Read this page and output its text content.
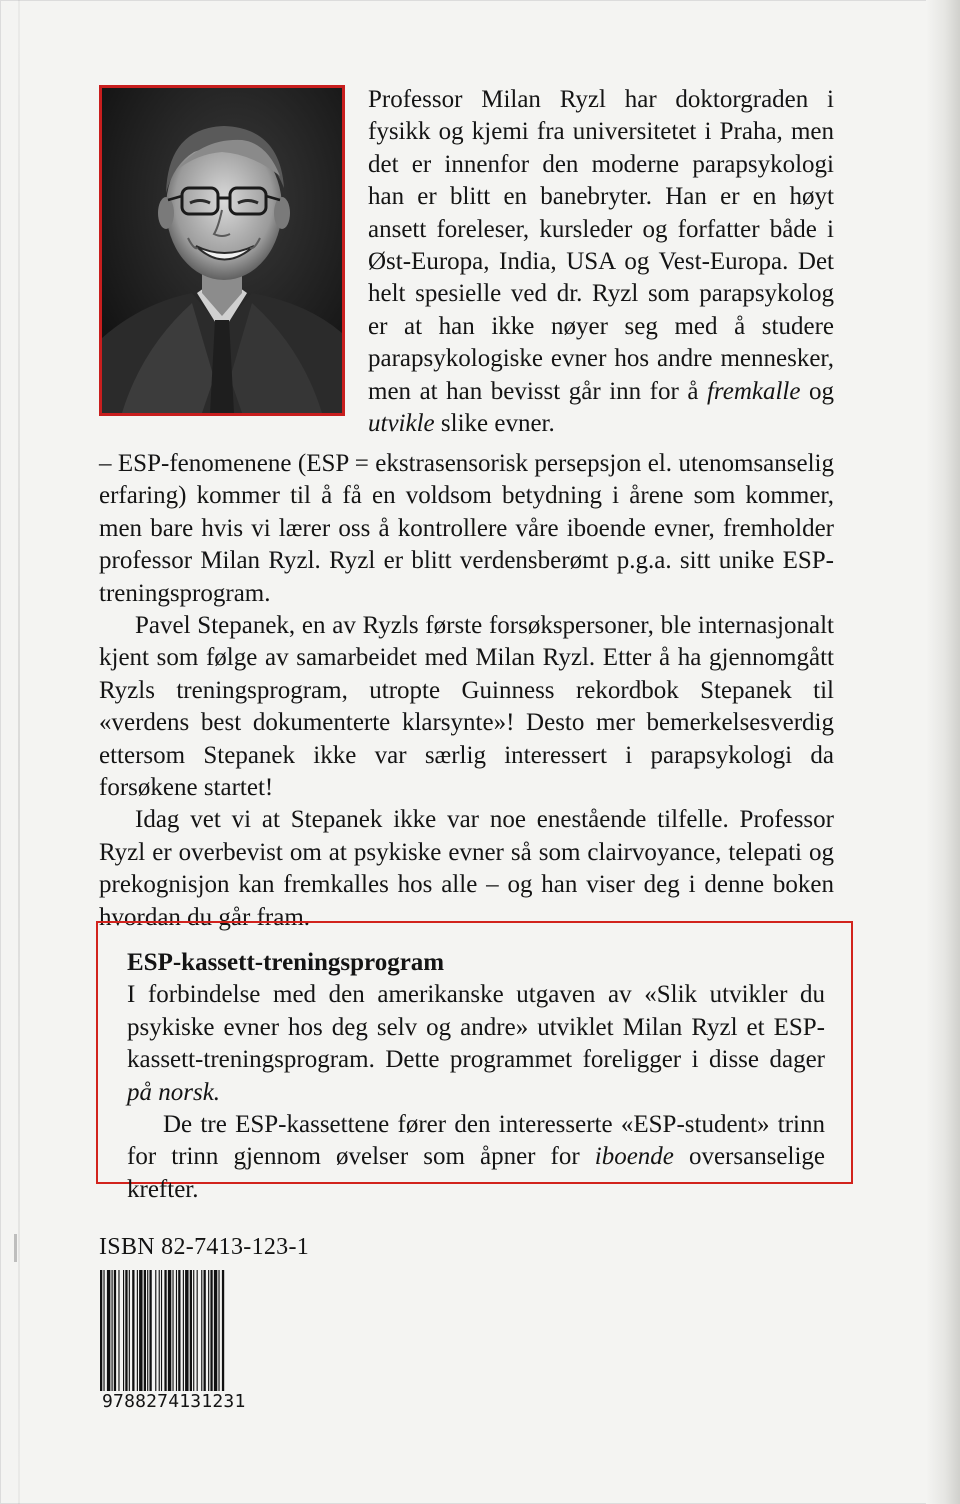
Professor Milan Ryzl har doktorgraden i fysikk og kjemi fra universitetet i Praha, men det er innenfor den moderne parapsykologi han er blitt en banebryter. Han er en høyt ansett foreleser, kursleder og forfatter både i Øst-Europa, India, USA og Vest-Europa. Det helt spesielle ved dr. Ryzl som parapsykolog er at han ikke nøyer seg med å studere parapsykologiske evner hos andre mennesker, men at han bevisst går inn for å fremkalle og utvikle slike evner.

– ESP-fenomenene (ESP = ekstrasensorisk persepsjon el. utenomsanselig erfaring) kommer til å få en voldsom betydning i årene som kommer, men bare hvis vi lærer oss å kontrollere våre iboende evner, fremholder professor Milan Ryzl. Ryzl er blitt verdensberømt p.g.a. sitt unike ESP-treningsprogram.

Pavel Stepanek, en av Ryzls første forsøkspersoner, ble internasjonalt kjent som følge av samarbeidet med Milan Ryzl. Etter å ha gjennomgått Ryzls treningsprogram, utropte Guinness rekordbok Stepanek til «verdens best dokumenterte klarsynte»! Desto mer bemerkelsesverdig ettersom Stepanek ikke var særlig interessert i parapsykologi da forsøkene startet!

Idag vet vi at Stepanek ikke var noe enestående tilfelle. Professor Ryzl er overbevist om at psykiske evner så som clairvoyance, telepati og prekognisjon kan fremkalles hos alle – og han viser deg i denne boken hvordan du går fram.

ESP-kassett-treningsprogram

I forbindelse med den amerikanske utgaven av «Slik utvikler du psykiske evner hos deg selv og andre» utviklet Milan Ryzl et ESP-kassett-treningsprogram. Dette programmet foreligger i disse dager på norsk.

De tre ESP-kassettene fører den interesserte «ESP-student» trinn for trinn gjennom øvelser som åpner for iboende oversanselige krefter.

ISBN 82-7413-123-1
9788274131231
